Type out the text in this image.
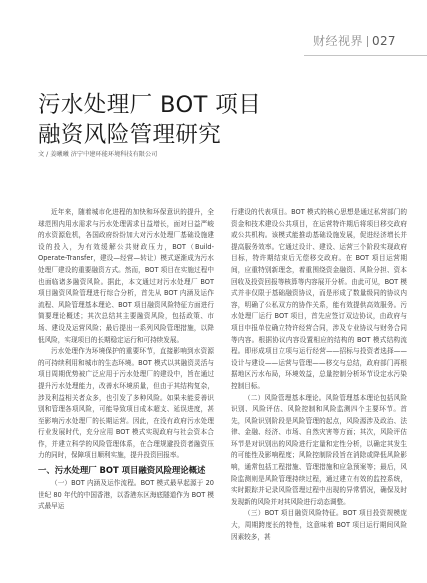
财经视界 027
污水处理厂 BOT 项目
融资风险管理研究
文 / 姜曦曦 济宁中建环能环境科技有限公司

近年来，随着城市化进程的加快和环保意识的提升，全球范围内用水需求与污水处理需求日益增长，面对日益严峻的水资源危机，各国政府纷纷加大对污水处理厂基础设施建设的投入，为有效缓解公共财政压力，BOT（Build-Operate-Transfer，建设—经营—转让）模式逐渐成为污水处理厂建设的重要融资方式。然而，BOT 项目在实施过程中也面临诸多融资风险。据此，本文通过对污水处理厂 BOT 项目融资风险管理进行综合分析，首先从 BOT 内涵及运作流程、风险管理基本理论、BOT 项目融资风险特征方面进行简要理论概述；其次总结其主要融资风险，包括政策、市场、建设及运营风险；最后提出一系列风险管理措施，以降低风险，实现项目的长期稳定运行和可持续发展。

污水处理作为环境保护的重要环节，直接影响到水资源的可持续利用和城市的生态环境。BOT 模式以其融资灵活与项目周期优势被广泛应用于污水处理厂的建设中，旨在通过提升污水处理能力，改善水环境质量，但由于其结构复杂，涉及利益相关者众多，也引发了多种风险。如果未能妥善识别和管理各项风险，可能导致项目成本超支、延误进度，甚至影响污水处理厂的长期运营。因此，在没有政府污水处理行业发展时代，充分应用 BOT 模式实现政府与社会资本合作，并建立科学的风险管理体系，在合理规避投资者融资压力的同时，保障项目顺利实施，提升投资回报率。

一、污水处理厂 BOT 项目融资风险理论概述

（一）BOT 内涵及运作流程。BOT 模式最早起源于 20 世纪 80 年代的中国香港，以香港东区海底隧道作为 BOT 模式最早运

行建设的代表项目。BOT 模式的核心思想是通过私营部门的资金和技术建设公共项目，在运营特许期后将项目移交政府或公共机构。该模式能推动基础设施发展，促进经济增长并提高服务效率。它通过设计、建设、运营三个阶段实现政府目标，特许期结束后无偿移交政府。在 BOT 项目运营期间，应重特别新理念，着重围绕资金融资、风险分担、资本回收及投资回报等核算等内容展开分析。由此可见，BOT 模式并非仅限于基础融资协议，而是形成了数量级同的协议内容，明确了公私双方的协作关系，能有效提供高效服务。污水处理厂运行 BOT 项目，首先应签订双边协议，由政府与项目申报单位确立特许经营合同，涉及专业协议与财务合同等内容。根据协议内容设置相应的结构的 BOT 模式结构流程。即形成项目立项与运行经营——招标与投资者选择——设计与建设——运营与管理——移交与总结，政府部门再根据地区污水布局，环境效益，总量控制分析环节设定水污染控制目标。

（二）风险管理基本理论。风险管理基本理论包括风险识别、风险评估、风险控制和风险监测四个主要环节。首先，风险识别阶段是风险管理的起点，风险源涉及政治、法律、金融、经济、市场、自然灾害等方面；其次，风险评估环节是对识别出的风险进行定量和定性分析，以确定其发生的可能性及影响程度；风险控制阶段旨在消除或降低风险影响，通常包括工程措施、管理措施和应急预案等；最后，风险监测则是风险管理持续过程，通过建立有效的监控系统，实时跟踪并记录风险管理过程中出现的异常情况，确保及时发现新的风险并对其风险进行动态调整。

（三）BOT 项目融资风险特征。BOT 项目投资规模庞大，周期跨度长的特性，这意味着 BOT 项目运行期间风险因素较多，甚
